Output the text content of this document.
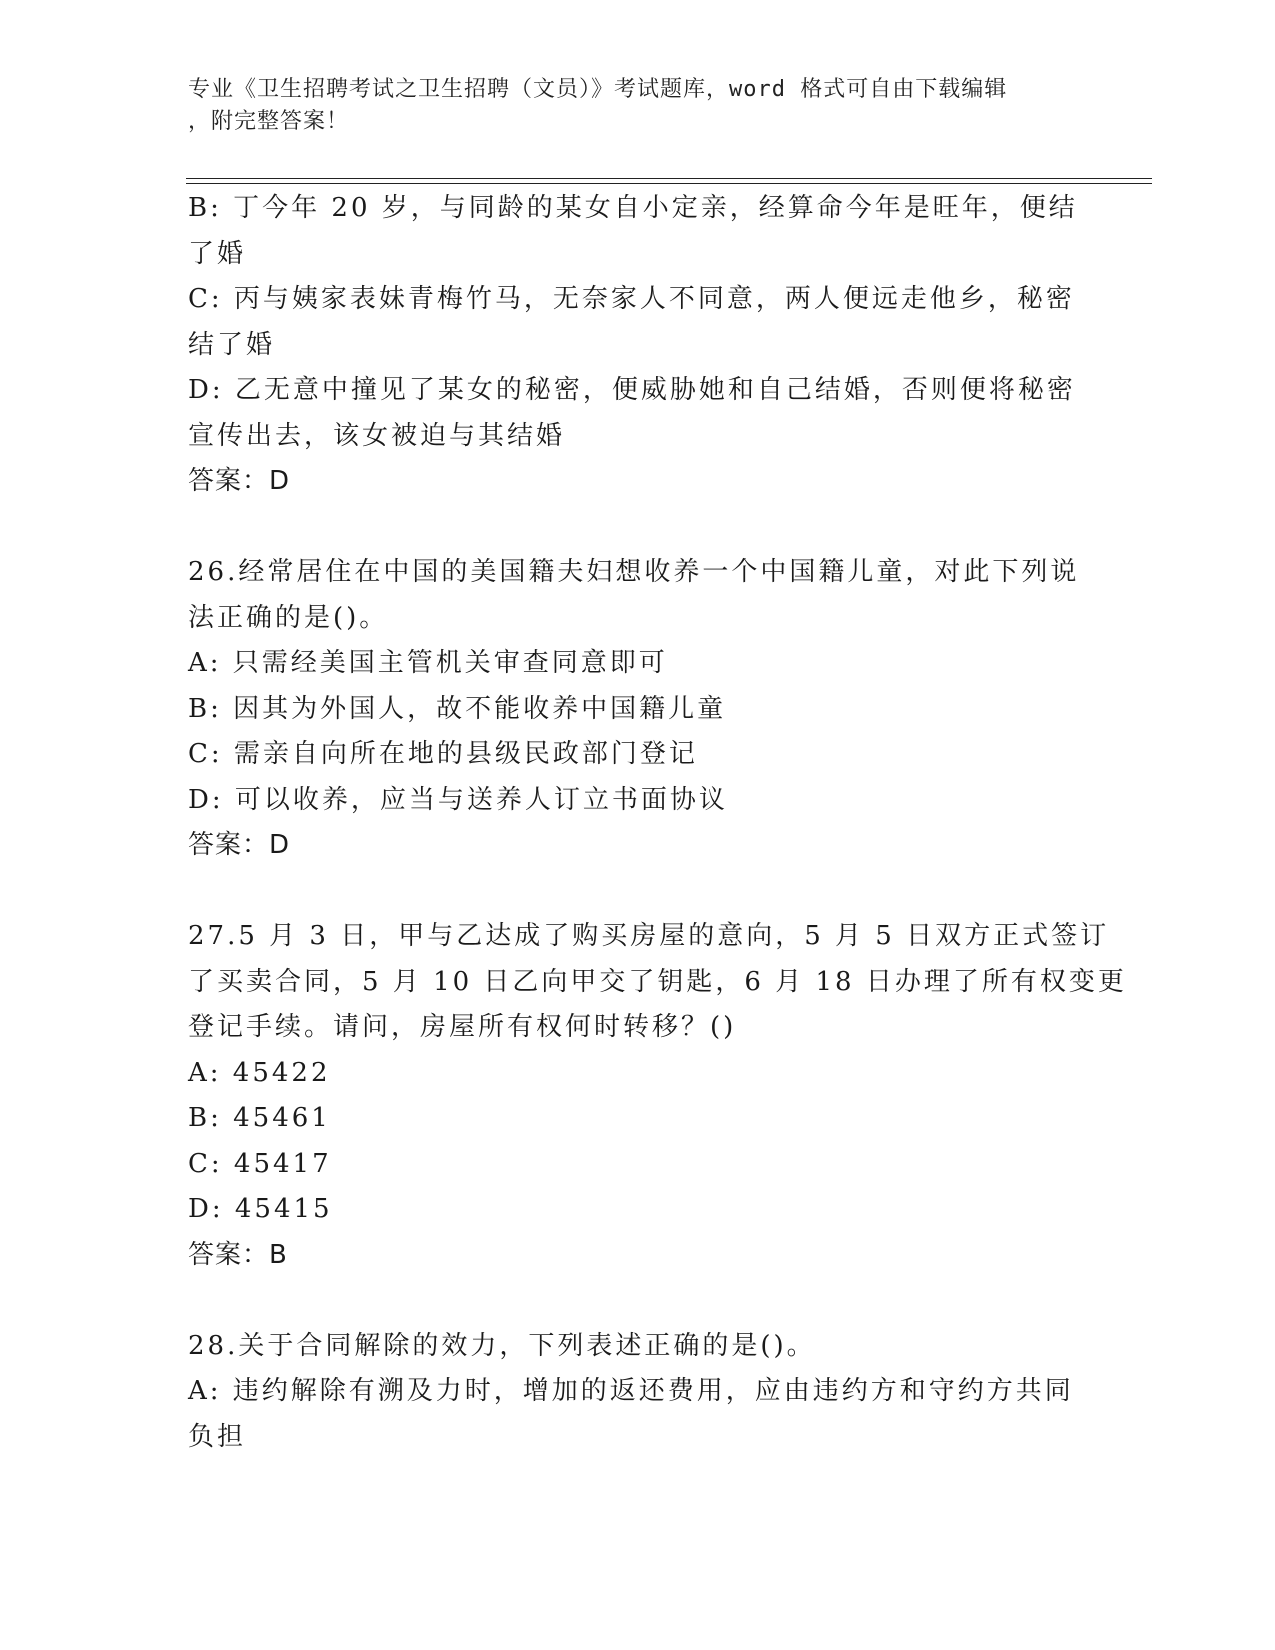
专业《卫生招聘考试之卫生招聘（文员）》考试题库，word 格式可自由下载编辑
，附完整答案！
B: 丁今年 20 岁，与同龄的某女自小定亲，经算命今年是旺年，便结
了婚
C: 丙与姨家表妹青梅竹马，无奈家人不同意，两人便远走他乡，秘密
结了婚
D: 乙无意中撞见了某女的秘密，便威胁她和自己结婚，否则便将秘密
宣传出去，该女被迫与其结婚
答案：D
26.经常居住在中国的美国籍夫妇想收养一个中国籍儿童，对此下列说
法正确的是()。
A: 只需经美国主管机关审查同意即可
B: 因其为外国人，故不能收养中国籍儿童
C: 需亲自向所在地的县级民政部门登记
D: 可以收养，应当与送养人订立书面协议
答案：D
27.5 月 3 日，甲与乙达成了购买房屋的意向，5 月 5 日双方正式签订
了买卖合同，5 月 10 日乙向甲交了钥匙，6 月 18 日办理了所有权变更
登记手续。请问，房屋所有权何时转移？()
A: 45422
B: 45461
C: 45417
D: 45415
答案：B
28.关于合同解除的效力，下列表述正确的是()。
A: 违约解除有溯及力时，增加的返还费用，应由违约方和守约方共同
负担
